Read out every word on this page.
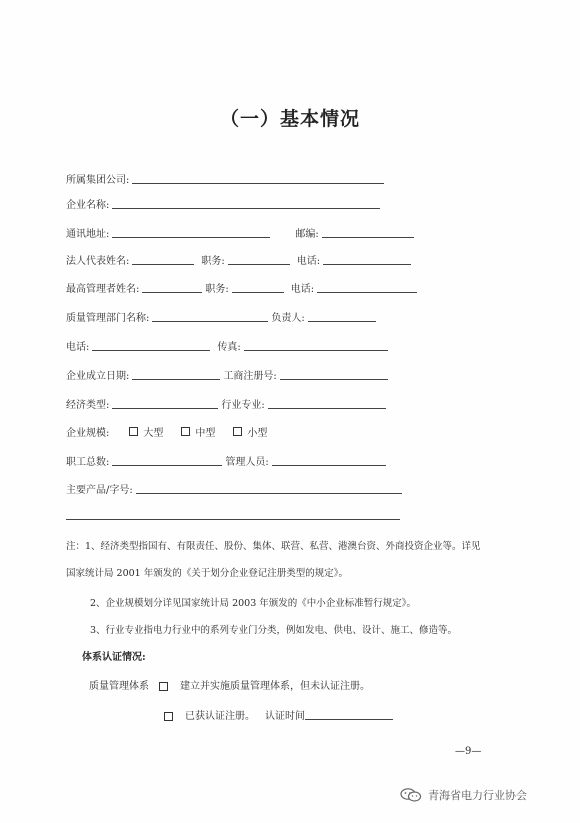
（一）基本情况
所属集团公司:
企业名称:
通讯地址:	邮编:
法人代表姓名:	职务:	电话:
最高管理者姓名:	职务:	电话:
质量管理部门名称:	负责人:
电话:	传真:
企业成立日期:	工商注册号:
经济类型:	行业专业:
企业规模:	大型	中型	小型
职工总数:	管理人员:
主要产品/字号:
注：1、经济类型指国有、有限责任、股份、集体、联营、私营、港澳台资、外商投资企业等。详见
国家统计局 2001 年颁发的《关于划分企业登记注册类型的规定》。
2、企业规模划分详见国家统计局 2003 年颁发的《中小企业标准暂行规定》。
3、行业专业指电力行业中的系列专业门分类，例如发电、供电、设计、施工、修造等。
体系认证情况:
质量管理体系	建立并实施质量管理体系，但未认证注册。
已获认证注册。 认证时间
—9—
青海省电力行业协会
